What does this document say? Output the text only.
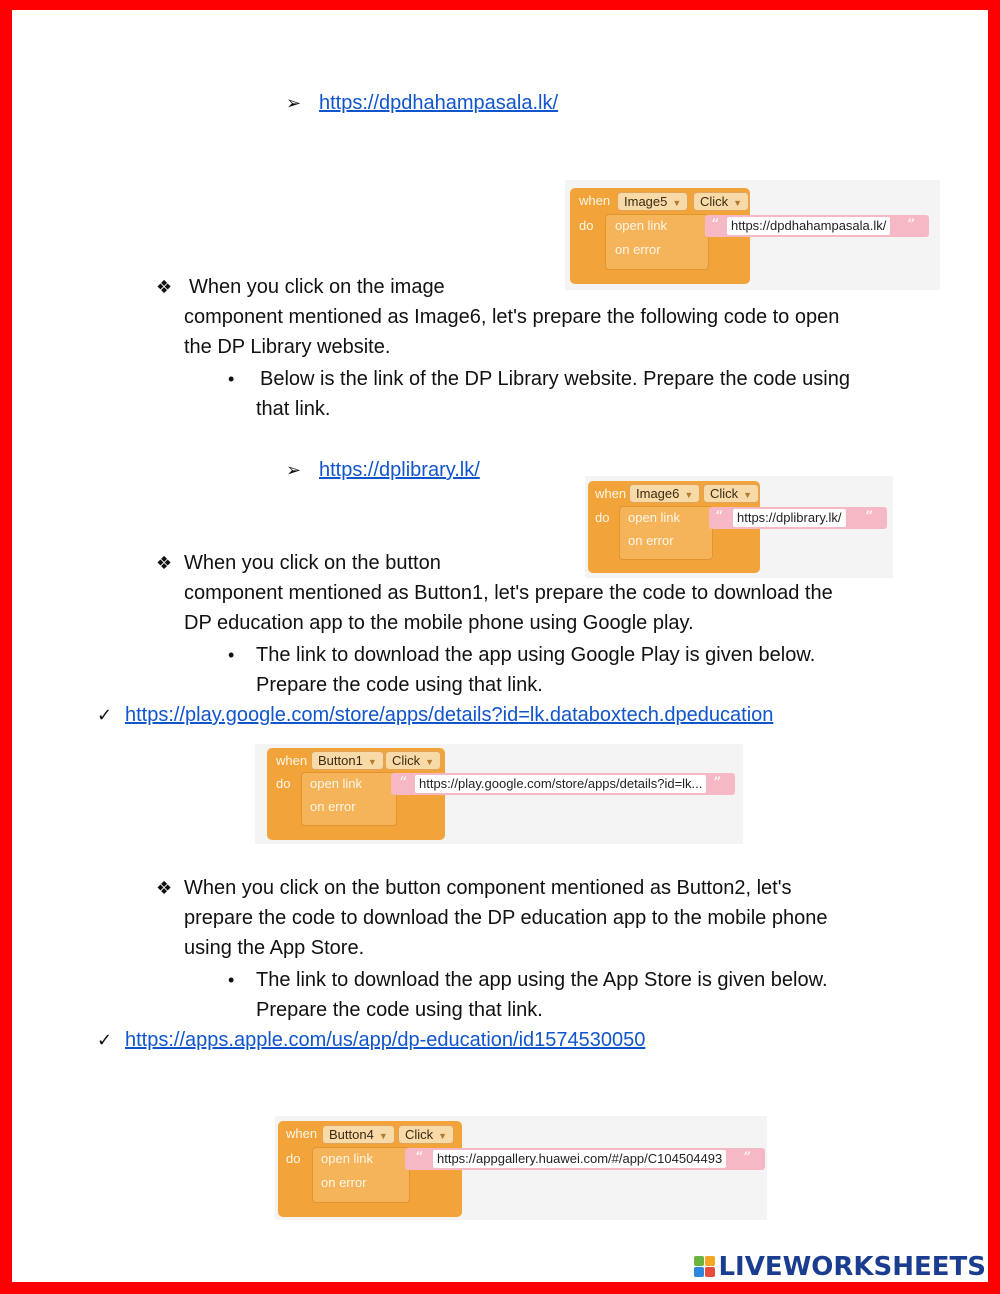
➢ https://dpdhahampasala.lk/
when	Image5 ▼	Click ▼
do open link
on error
“ https://dpdhahampasala.lk/ ”
❖ When you click on the image
component mentioned as Image6, let's prepare the following code to open
the DP Library website.
• Below is the link of the DP Library website. Prepare the code using
that link.
➢ https://dplibrary.lk/
when Image6 ▼	Click ▼
do open link
on error
“	https://dplibrary.lk/ ”
❖ When you click on the button
component mentioned as Button1, let's prepare the code to download the
DP education app to the mobile phone using Google play.
• The link to download the app using Google Play is given below.
Prepare the code using that link.
✓ https://play.google.com/store/apps/details?id=lk.databoxtech.dpeducation
when Button1 ▼	Click ▼
do open link
on error
“ https://play.google.com/store/apps/details?id=lk... ”
❖ When you click on the button component mentioned as Button2, let's
prepare the code to download the DP education app to the mobile phone
using the App Store.
• The link to download the app using the App Store is given below.
Prepare the code using that link.
✓ https://apps.apple.com/us/app/dp-education/id1574530050
when Button4 ▼	Click ▼
do open link
on error
“	https://appgallery.huawei.com/#/app/C104504493 ”
LIVEWORKSHEETS
